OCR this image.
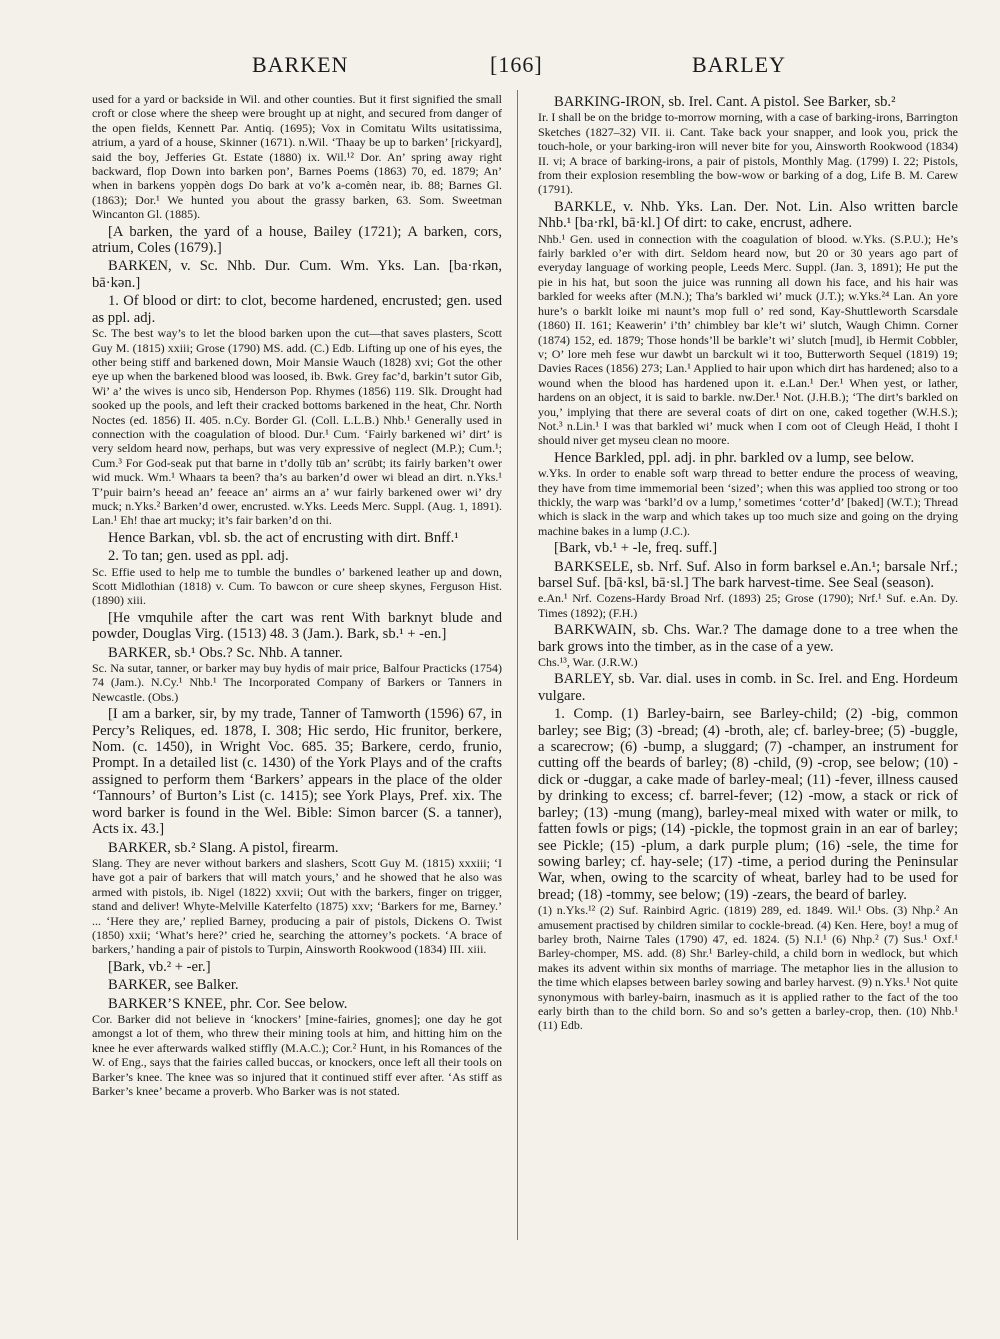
BARKEN	[166]	BARLEY

used for a yard or backside in Wil. and other counties. But it first signified the small croft or close where the sheep were brought up at night, and secured from danger of the open fields, Kennett Par. Antiq. (1695); Vox in Comitatu Wilts usitatissima, atrium, a yard of a house, Skinner (1671). n.Wil. ‘Thaay be up to barken’ [rickyard], said the boy, Jefferies Gt. Estate (1880) ix. Wil.¹² Dor. An’ spring away right backward, flop Down into barken pon’, Barnes Poems (1863) 70, ed. 1879; An’ when in barkens yoppèn dogs Do bark at vo’k a-comèn near, ib. 88; Barnes Gl. (1863); Dor.¹ We hunted you about the grassy barken, 63. Som. Sweetman Wincanton Gl. (1885).

[A barken, the yard of a house, Bailey (1721); A barken, cors, atrium, Coles (1679).]

BARKEN, v. Sc. Nhb. Dur. Cum. Wm. Yks. Lan. [ba·rkən, bā·kən.]

1. Of blood or dirt: to clot, become hardened, encrusted; gen. used as ppl. adj.

Sc. The best way’s to let the blood barken upon the cut—that saves plasters, Scott Guy M. (1815) xxiii; Grose (1790) MS. add. (C.) Edb. Lifting up one of his eyes, the other being stiff and barkened down, Moir Mansie Wauch (1828) xvi; Got the other eye up when the barkened blood was loosed, ib. Bwk. Grey fac’d, barkin’t sutor Gib, Wi’ a’ the wives is unco sib, Henderson Pop. Rhymes (1856) 119. Slk. Drought had sooked up the pools, and left their cracked bottoms barkened in the heat, Chr. North Noctes (ed. 1856) II. 405. n.Cy. Border Gl. (Coll. L.L.B.) Nhb.¹ Generally used in connection with the coagulation of blood. Dur.¹ Cum. ‘Fairly barkened wi’ dirt’ is very seldom heard now, perhaps, but was very expressive of neglect (M.P.); Cum.¹; Cum.³ For God-seak put that barne in t’dolly tūb an’ scrūbt; its fairly barken’t ower wid muck. Wm.¹ Whaars ta been? tha’s au barken’d ower wi blead an dirt. n.Yks.¹ T’puir bairn’s heead an’ feeace an’ airms an a’ wur fairly barkened ower wi’ dry muck; n.Yks.² Barken’d ower, encrusted. w.Yks. Leeds Merc. Suppl. (Aug. 1, 1891). Lan.¹ Eh! thae art mucky; it’s fair barken’d on thi.

Hence Barkan, vbl. sb. the act of encrusting with dirt. Bnff.¹

2. To tan; gen. used as ppl. adj.

Sc. Effie used to help me to tumble the bundles o’ barkened leather up and down, Scott Midlothian (1818) v. Cum. To bawcon or cure sheep skynes, Ferguson Hist. (1890) xiii.

[He vmquhile after the cart was rent With barknyt blude and powder, Douglas Virg. (1513) 48. 3 (Jam.). Bark, sb.¹ + -en.]

BARKER, sb.¹ Obs.? Sc. Nhb. A tanner.

Sc. Na sutar, tanner, or barker may buy hydis of mair price, Balfour Practicks (1754) 74 (Jam.). N.Cy.¹ Nhb.¹ The Incorporated Company of Barkers or Tanners in Newcastle. (Obs.)

[I am a barker, sir, by my trade, Tanner of Tamworth (1596) 67, in Percy’s Reliques, ed. 1878, I. 308; Hic serdo, Hic frunitor, berkere, Nom. (c. 1450), in Wright Voc. 685. 35; Barkere, cerdo, frunio, Prompt. In a detailed list (c. 1430) of the York Plays and of the crafts assigned to perform them ‘Barkers’ appears in the place of the older ‘Tannours’ of Burton’s List (c. 1415); see York Plays, Pref. xix. The word barker is found in the Wel. Bible: Simon barcer (S. a tanner), Acts ix. 43.]

BARKER, sb.² Slang. A pistol, firearm.

Slang. They are never without barkers and slashers, Scott Guy M. (1815) xxxiii; ‘I have got a pair of barkers that will match yours,’ and he showed that he also was armed with pistols, ib. Nigel (1822) xxvii; Out with the barkers, finger on trigger, stand and deliver! Whyte-Melville Katerfelto (1875) xxv; ‘Barkers for me, Barney.’ ... ‘Here they are,’ replied Barney, producing a pair of pistols, Dickens O. Twist (1850) xxii; ‘What’s here?’ cried he, searching the attorney’s pockets. ‘A brace of barkers,’ handing a pair of pistols to Turpin, Ainsworth Rookwood (1834) III. xiii.

[Bark, vb.² + -er.]

BARKER, see Balker.

BARKER’S KNEE, phr. Cor. See below.

Cor. Barker did not believe in ‘knockers’ [mine-fairies, gnomes]; one day he got amongst a lot of them, who threw their mining tools at him, and hitting him on the knee he ever afterwards walked stiffly (M.A.C.); Cor.² Hunt, in his Romances of the W. of Eng., says that the fairies called buccas, or knockers, once left all their tools on Barker’s knee. The knee was so injured that it continued stiff ever after. ‘As stiff as Barker’s knee’ became a proverb. Who Barker was is not stated.

BARKING-IRON, sb. Irel. Cant. A pistol. See Barker, sb.²

Ir. I shall be on the bridge to-morrow morning, with a case of barking-irons, Barrington Sketches (1827–32) VII. ii. Cant. Take back your snapper, and look you, prick the touch-hole, or your barking-iron will never bite for you, Ainsworth Rookwood (1834) II. vi; A brace of barking-irons, a pair of pistols, Monthly Mag. (1799) I. 22; Pistols, from their explosion resembling the bow-wow or barking of a dog, Life B. M. Carew (1791).

BARKLE, v. Nhb. Yks. Lan. Der. Not. Lin. Also written barcle Nhb.¹ [ba·rkl, bā·kl.] Of dirt: to cake, encrust, adhere.

Nhb.¹ Gen. used in connection with the coagulation of blood. w.Yks. (S.P.U.); He’s fairly barkled o’er with dirt. Seldom heard now, but 20 or 30 years ago part of everyday language of working people, Leeds Merc. Suppl. (Jan. 3, 1891); He put the pie in his hat, but soon the juice was running all down his face, and his hair was barkled for weeks after (M.N.); Tha’s barkled wi’ muck (J.T.); w.Yks.²⁴ Lan. An yore hure’s o barklt loike mi naunt’s mop full o’ red sond, Kay-Shuttleworth Scarsdale (1860) II. 161; Keawerin’ i’th’ chimbley bar kle’t wi’ slutch, Waugh Chimn. Corner (1874) 152, ed. 1879; Those honds’ll be barkle’t wi’ slutch [mud], ib Hermit Cobbler, v; O’ lore meh fese wur dawbt un barckult wi it too, Butterworth Sequel (1819) 19; Davies Races (1856) 273; Lan.¹ Applied to hair upon which dirt has hardened; also to a wound when the blood has hardened upon it. e.Lan.¹ Der.¹ When yest, or lather, hardens on an object, it is said to barkle. nw.Der.¹ Not. (J.H.B.); ‘The dirt’s barkled on you,’ implying that there are several coats of dirt on one, caked together (W.H.S.); Not.³ n.Lin.¹ I was that barkled wi’ muck when I com oot of Cleugh Heäd, I thoht I should niver get myseu clean no moore.

Hence Barkled, ppl. adj. in phr. barkled ov a lump, see below.

w.Yks. In order to enable soft warp thread to better endure the process of weaving, they have from time immemorial been ‘sized’; when this was applied too strong or too thickly, the warp was ‘barkl’d ov a lump,’ sometimes ‘cotter’d’ [baked] (W.T.); Thread which is slack in the warp and which takes up too much size and going on the drying machine bakes in a lump (J.C.).

[Bark, vb.¹ + -le, freq. suff.]

BARKSELE, sb. Nrf. Suf. Also in form barksel e.An.¹; barsale Nrf.; barsel Suf. [bā·ksl, bā·sl.] The bark harvest-time. See Seal (season).

e.An.¹ Nrf. Cozens-Hardy Broad Nrf. (1893) 25; Grose (1790); Nrf.¹ Suf. e.An. Dy. Times (1892); (F.H.)

BARKWAIN, sb. Chs. War.? The damage done to a tree when the bark grows into the timber, as in the case of a yew.

Chs.¹³, War. (J.R.W.)

BARLEY, sb. Var. dial. uses in comb. in Sc. Irel. and Eng. Hordeum vulgare.

1. Comp. (1) Barley-bairn, see Barley-child; (2) -big, common barley; see Big; (3) -bread; (4) -broth, ale; cf. barley-bree; (5) -buggle, a scarecrow; (6) -bump, a sluggard; (7) -champer, an instrument for cutting off the beards of barley; (8) -child, (9) -crop, see below; (10) -dick or -duggar, a cake made of barley-meal; (11) -fever, illness caused by drinking to excess; cf. barrel-fever; (12) -mow, a stack or rick of barley; (13) -mung (mang), barley-meal mixed with water or milk, to fatten fowls or pigs; (14) -pickle, the topmost grain in an ear of barley; see Pickle; (15) -plum, a dark purple plum; (16) -sele, the time for sowing barley; cf. hay-sele; (17) -time, a period during the Peninsular War, when, owing to the scarcity of wheat, barley had to be used for bread; (18) -tommy, see below; (19) -zears, the beard of barley.

(1) n.Yks.¹² (2) Suf. Rainbird Agric. (1819) 289, ed. 1849. Wil.¹ Obs. (3) Nhp.² An amusement practised by children similar to cockle-bread. (4) Ken. Here, boy! a mug of barley broth, Nairne Tales (1790) 47, ed. 1824. (5) N.I.¹ (6) Nhp.² (7) Sus.¹ Oxf.¹ Barley-chomper, MS. add. (8) Shr.¹ Barley-child, a child born in wedlock, but which makes its advent within six months of marriage. The metaphor lies in the allusion to the time which elapses between barley sowing and barley harvest. (9) n.Yks.¹ Not quite synonymous with barley-bairn, inasmuch as it is applied rather to the fact of the too early birth than to the child born. So and so’s getten a barley-crop, then. (10) Nhb.¹ (11) Edb.
